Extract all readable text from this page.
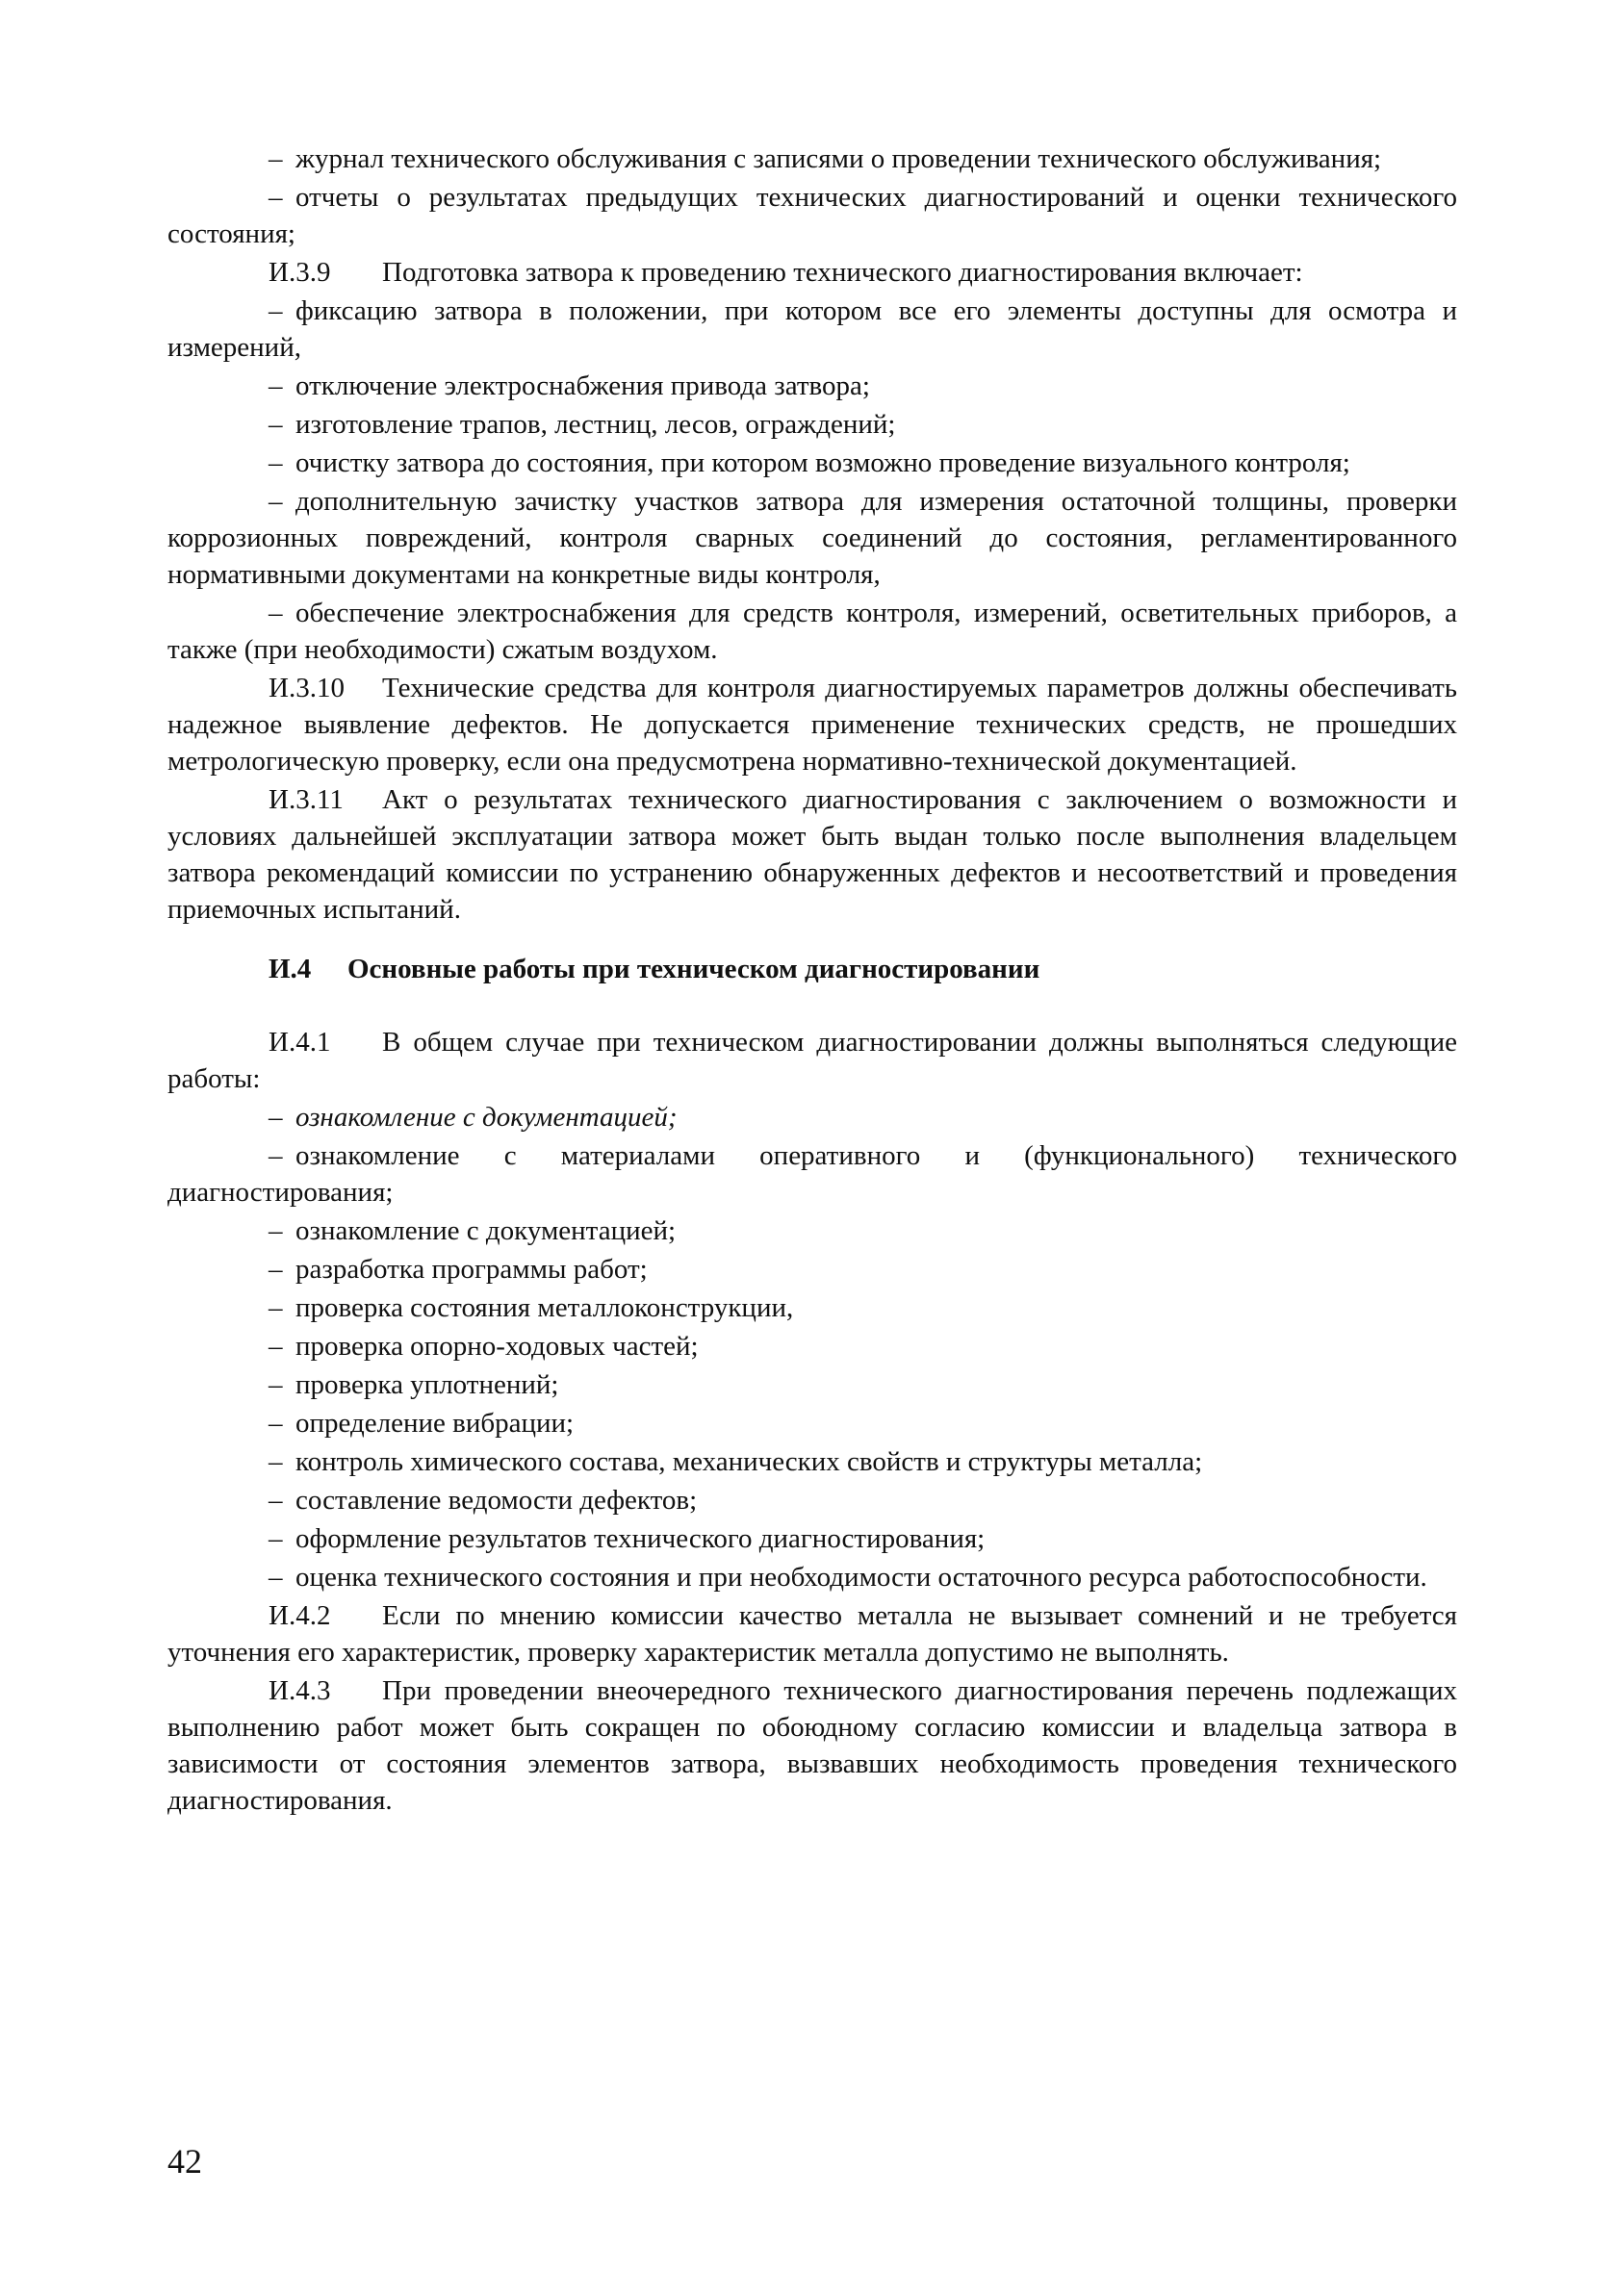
– журнал технического обслуживания с записями о проведении технического обслуживания;
– отчеты о результатах предыдущих технических диагностирований и оценки технического состояния;
И.3.9 Подготовка затвора к проведению технического диагностирования включает:
– фиксацию затвора в положении, при котором все его элементы доступны для осмотра и измерений,
– отключение электроснабжения привода затвора;
– изготовление трапов, лестниц, лесов, ограждений;
– очистку затвора до состояния, при котором возможно проведение визуального контроля;
– дополнительную зачистку участков затвора для измерения остаточной толщины, проверки коррозионных повреждений, контроля сварных соединений до состояния, регламентированного нормативными документами на конкретные виды контроля,
– обеспечение электроснабжения для средств контроля, измерений, осветительных приборов, а также (при необходимости) сжатым воздухом.
И.3.10 Технические средства для контроля диагностируемых параметров должны обеспечивать надежное выявление дефектов. Не допускается применение технических средств, не прошедших метрологическую проверку, если она предусмотрена нормативно-технической документацией.
И.3.11 Акт о результатах технического диагностирования с заключением о возможности и условиях дальнейшей эксплуатации затвора может быть выдан только после выполнения владельцем затвора рекомендаций комиссии по устранению обнаруженных дефектов и несоответствий и проведения приемочных испытаний.
И.4 Основные работы при техническом диагностировании
И.4.1 В общем случае при техническом диагностировании должны выполняться следующие работы:
– ознакомление с документацией;
– ознакомление с материалами оперативного и (функционального) технического диагностирования;
– ознакомление с документацией;
– разработка программы работ;
– проверка состояния металлоконструкции,
– проверка опорно-ходовых частей;
– проверка уплотнений;
– определение вибрации;
– контроль химического состава, механических свойств и структуры металла;
– составление ведомости дефектов;
– оформление результатов технического диагностирования;
– оценка технического состояния и при необходимости остаточного ресурса работоспособности.
И.4.2 Если по мнению комиссии качество металла не вызывает сомнений и не требуется уточнения его характеристик, проверку характеристик металла допустимо не выполнять.
И.4.3 При проведении внеочередного технического диагностирования перечень подлежащих выполнению работ может быть сокращен по обоюдному согласию комиссии и владельца затвора в зависимости от состояния элементов затвора, вызвавших необходимость проведения технического диагностирования.
42
